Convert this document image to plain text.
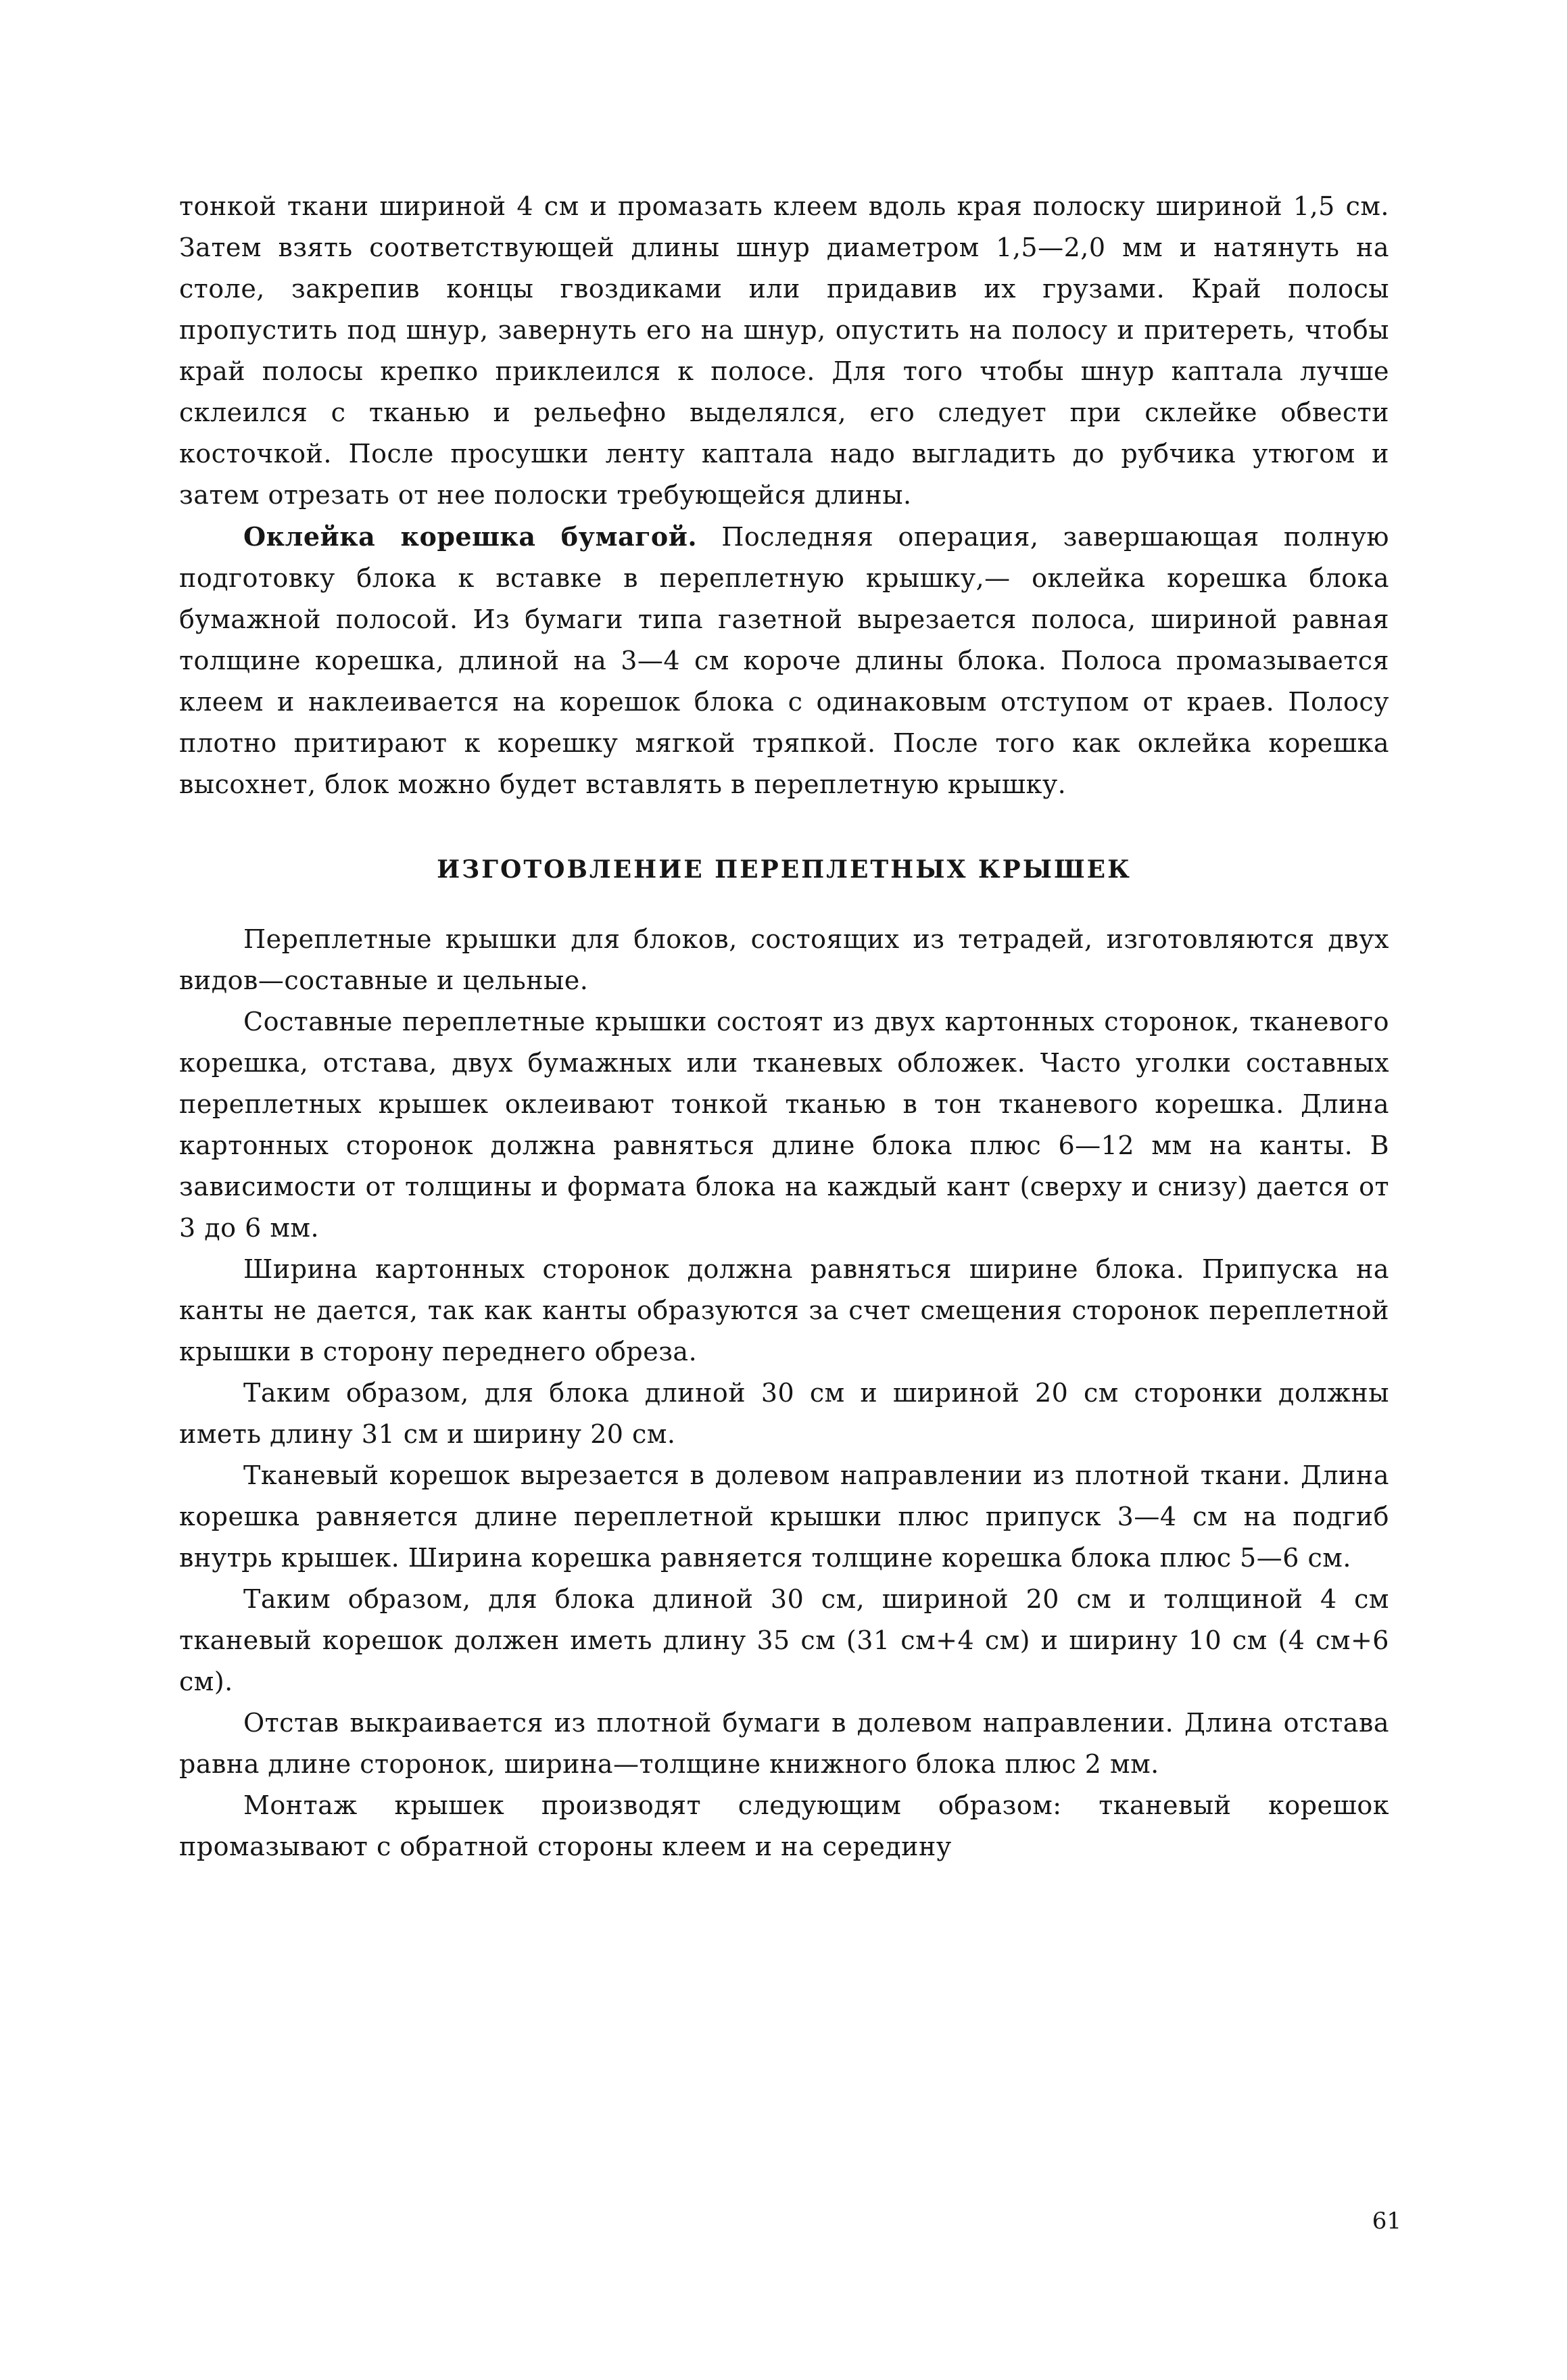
тонкой ткани шириной 4 см и промазать клеем вдоль края полоску шириной 1,5 см. Затем взять соответствующей длины шнур диаметром 1,5—2,0 мм и натянуть на столе, закрепив концы гвоздиками или придавив их грузами. Край полосы пропустить под шнур, завернуть его на шнур, опустить на полосу и притереть, чтобы край полосы крепко приклеился к полосе. Для того чтобы шнур каптала лучше склеился с тканью и рельефно выделялся, его следует при склейке обвести косточкой. После просушки ленту каптала надо выгладить до рубчика утюгом и затем отрезать от нее полоски требующейся длины.

Оклейка корешка бумагой. Последняя операция, завершающая полную подготовку блока к вставке в переплетную крышку,— оклейка корешка блока бумажной полосой. Из бумаги типа газетной вырезается полоса, шириной равная толщине корешка, длиной на 3—4 см короче длины блока. Полоса промазывается клеем и наклеивается на корешок блока с одинаковым отступом от краев. Полосу плотно притирают к корешку мягкой тряпкой. После того как оклейка корешка высохнет, блок можно будет вставлять в переплетную крышку.

ИЗГОТОВЛЕНИЕ ПЕРЕПЛЕТНЫХ КРЫШЕК

Переплетные крышки для блоков, состоящих из тетрадей, изготовляются двух видов—составные и цельные.

Составные переплетные крышки состоят из двух картонных сторонок, тканевого корешка, отстава, двух бумажных или тканевых обложек. Часто уголки составных переплетных крышек оклеивают тонкой тканью в тон тканевого корешка. Длина картонных сторонок должна равняться длине блока плюс 6—12 мм на канты. В зависимости от толщины и формата блока на каждый кант (сверху и снизу) дается от 3 до 6 мм.

Ширина картонных сторонок должна равняться ширине блока. Припуска на канты не дается, так как канты образуются за счет смещения сторонок переплетной крышки в сторону переднего обреза.

Таким образом, для блока длиной 30 см и шириной 20 см сторонки должны иметь длину 31 см и ширину 20 см.

Тканевый корешок вырезается в долевом направлении из плотной ткани. Длина корешка равняется длине переплетной крышки плюс припуск 3—4 см на подгиб внутрь крышек. Ширина корешка равняется толщине корешка блока плюс 5—6 см.

Таким образом, для блока длиной 30 см, шириной 20 см и толщиной 4 см тканевый корешок должен иметь длину 35 см (31 см+4 см) и ширину 10 см (4 см+6 см).

Отстав выкраивается из плотной бумаги в долевом направлении. Длина отстава равна длине сторонок, ширина—толщине книжного блока плюс 2 мм.

Монтаж крышек производят следующим образом: тканевый корешок промазывают с обратной стороны клеем и на середину

61
